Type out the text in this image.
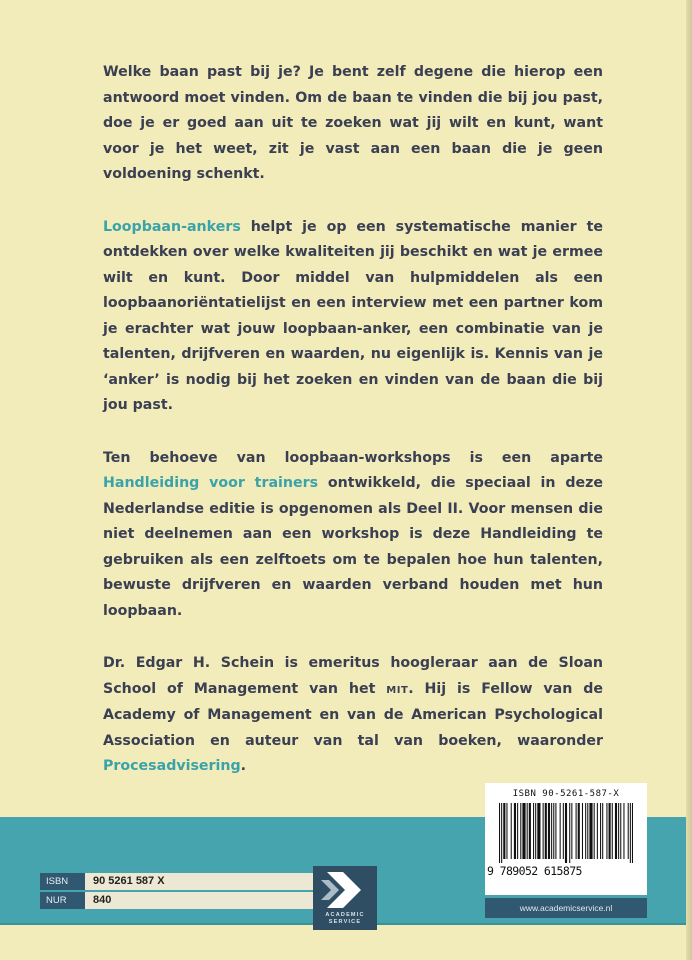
Welke baan past bij je? Je bent zelf degene die hierop een antwoord moet vinden. Om de baan te vinden die bij jou past, doe je er goed aan uit te zoeken wat jij wilt en kunt, want voor je het weet, zit je vast aan een baan die je geen voldoening schenkt.

Loopbaan-ankers helpt je op een systematische manier te ontdekken over welke kwaliteiten jij beschikt en wat je ermee wilt en kunt. Door middel van hulpmiddelen als een loopbaanoriëntatielijst en een interview met een partner kom je erachter wat jouw loopbaan-anker, een combinatie van je talenten, drijfveren en waarden, nu eigenlijk is. Kennis van je ‘anker’ is nodig bij het zoeken en vinden van de baan die bij jou past.

Ten behoeve van loopbaan-workshops is een aparte Handleiding voor trainers ontwikkeld, die speciaal in deze Nederlandse editie is opgenomen als Deel II. Voor mensen die niet deelnemen aan een workshop is deze Handleiding te gebruiken als een zelftoets om te bepalen hoe hun talenten, bewuste drijfveren en waarden verband houden met hun loopbaan.

Dr. Edgar H. Schein is emeritus hoogleraar aan de Sloan School of Management van het MIT. Hij is Fellow van de Academy of Management en van de American Psychological Association en auteur van tal van boeken, waaronder Procesadvisering.

ISBN	90 5261 587 X
NUR	840
ACADEMIC
SERVICE
ISBN 90-5261-587-X
9 789052 615875
www.academicservice.nl
